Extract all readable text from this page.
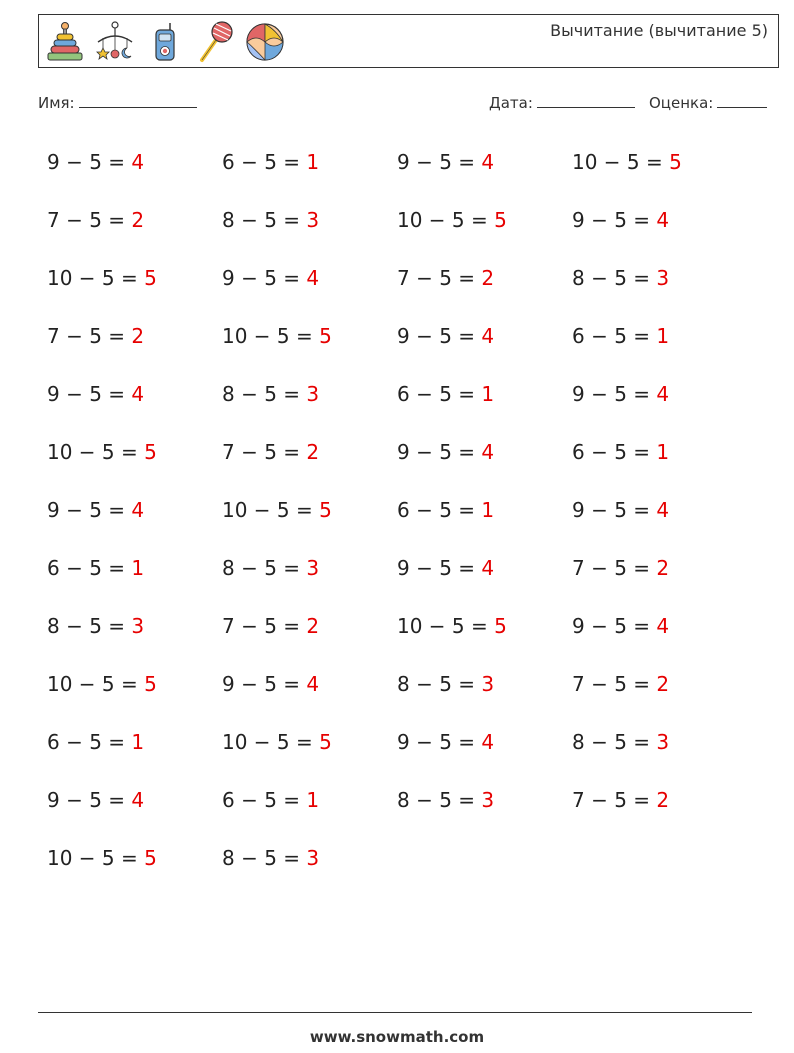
Вычитание (вычитание 5)
Имя:	Дата:	Оценка:
9 − 5 = 4	6 − 5 = 1	9 − 5 = 4	10 − 5 = 5
7 − 5 = 2	8 − 5 = 3	10 − 5 = 5	9 − 5 = 4
10 − 5 = 5	9 − 5 = 4	7 − 5 = 2	8 − 5 = 3
7 − 5 = 2	10 − 5 = 5	9 − 5 = 4	6 − 5 = 1
9 − 5 = 4	8 − 5 = 3	6 − 5 = 1	9 − 5 = 4
10 − 5 = 5	7 − 5 = 2	9 − 5 = 4	6 − 5 = 1
9 − 5 = 4	10 − 5 = 5	6 − 5 = 1	9 − 5 = 4
6 − 5 = 1	8 − 5 = 3	9 − 5 = 4	7 − 5 = 2
8 − 5 = 3	7 − 5 = 2	10 − 5 = 5	9 − 5 = 4
10 − 5 = 5	9 − 5 = 4	8 − 5 = 3	7 − 5 = 2
6 − 5 = 1	10 − 5 = 5	9 − 5 = 4	8 − 5 = 3
9 − 5 = 4	6 − 5 = 1	8 − 5 = 3	7 − 5 = 2
10 − 5 = 5	8 − 5 = 3
www.snowmath.com
